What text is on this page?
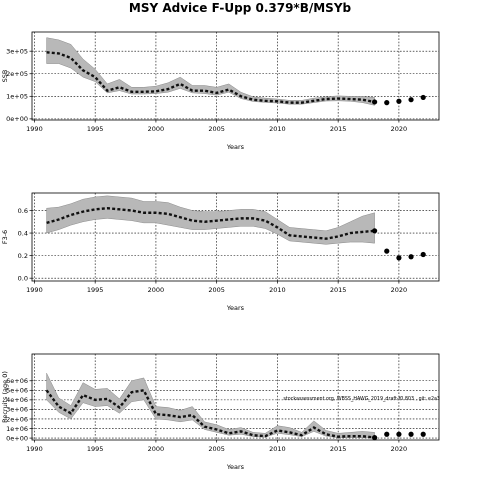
MSY Advice F-Upp 0.379*B/MSYb
0e+00
1e+05
2e+05
3e+05
1990	1995	2000	2005	2010	2015	2020
Years
SSB
0.0
0.2
0.4
0.6
1990	1995	2000	2005	2010	2015	2020
Years
F3-6
0e+00
1e+06
2e+06
3e+06
4e+06
5e+06
6e+06
1990	1995	2000	2005	2010	2015	2020
Years
Recruits (age 0)	stockassessment.org, WBSS_HAWG_2019_draft-f0.803 , git: e2a3
